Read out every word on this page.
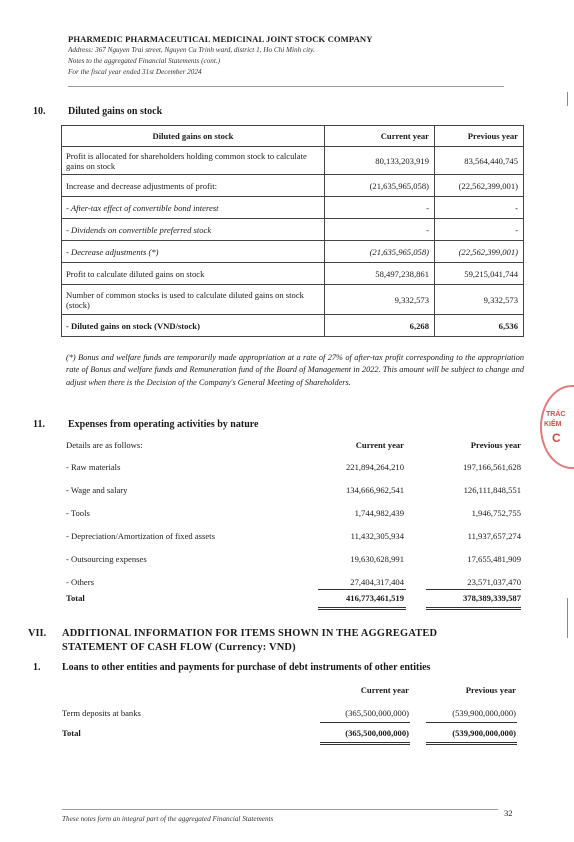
PHARMEDIC PHARMACEUTICAL MEDICINAL JOINT STOCK COMPANY
Address: 367 Nguyen Trai street, Nguyen Cu Trinh ward, district 1, Ho Chi Minh city.
Notes to the aggregated Financial Statements (cont.)
For the fiscal year ended 31st December 2024
10. Diluted gains on stock
Diluted gains on stock	Current year	Previous year
Profit is allocated for shareholders holding common stock to calculate gains on stock	80,133,203,919	83,564,440,745
Increase and decrease adjustments of profit:	(21,635,965,058)	(22,562,399,001)
- After-tax effect of convertible bond interest	-	-
- Dividends on convertible preferred stock	-	-
- Decrease adjustments (*)	(21,635,965,058)	(22,562,399,001)
Profit to calculate diluted gains on stock	58,497,238,861	59,215,041,744
Number of common stocks is used to calculate diluted gains on stock (stock)	9,332,573	9,332,573
- Diluted gains on stock (VND/stock)	6,268	6,536
(*) Bonus and welfare funds are temporarily made appropriation at a rate of 27% of after-tax profit corresponding to the appropriation rate of Bonus and welfare funds and Remuneration fund of the Board of Management in 2022. This amount will be subject to change and adjust when there is the Decision of the Company's General Meeting of Shareholders.
11. Expenses from operating activities by nature
Details are as follows:	Current year	Previous year
- Raw materials	221,894,264,210	197,166,561,628
- Wage and salary	134,666,962,541	126,111,848,551
- Tools	1,744,982,439	1,946,752,755
- Depreciation/Amortization of fixed assets	11,432,305,934	11,937,657,274
- Outsourcing expenses	19,630,628,991	17,655,481,909
- Others	27,404,317,404	23,571,037,470
Total	416,773,461,519	378,389,339,587
VII. ADDITIONAL INFORMATION FOR ITEMS SHOWN IN THE AGGREGATED
STATEMENT OF CASH FLOW (Currency: VND)
1. Loans to other entities and payments for purchase of debt instruments of other entities
Current year	Previous year
Term deposits at banks	(365,500,000,000)	(539,900,000,000)
Total	(365,500,000,000)	(539,900,000,000)
TRÁC
KIỂM
C
These notes form an integral part of the aggregated Financial Statements
32
